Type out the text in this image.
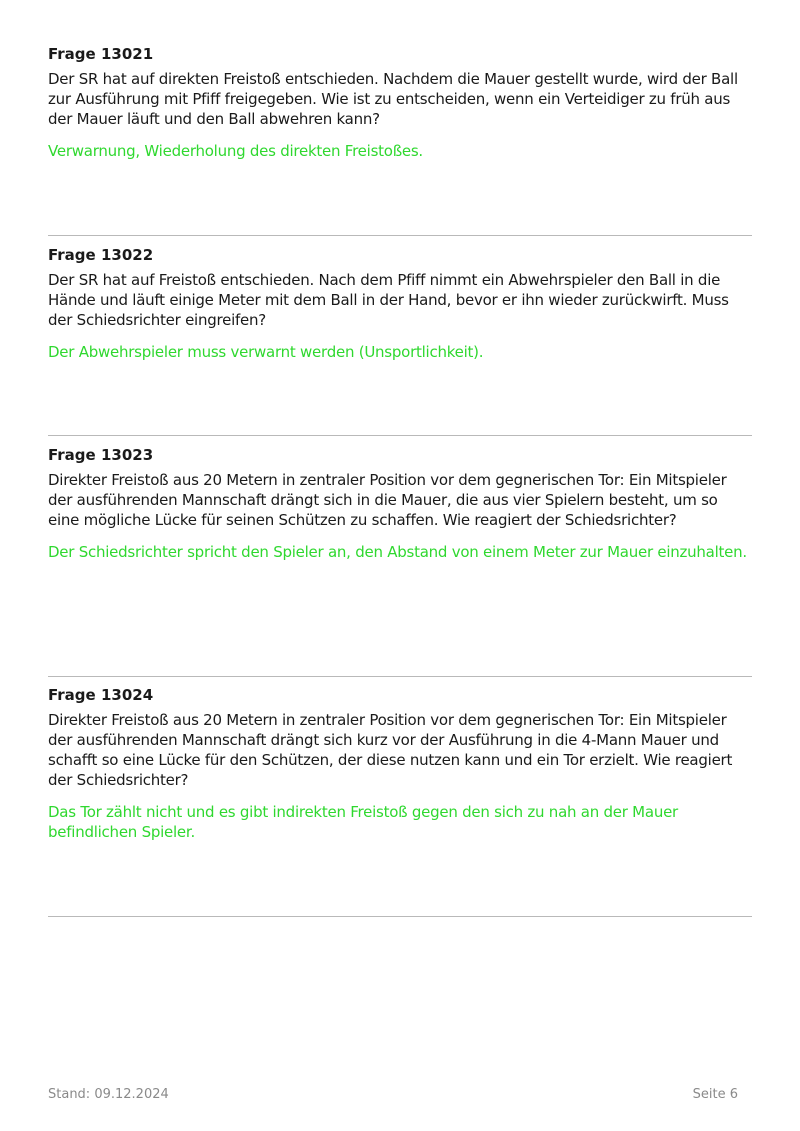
Frage 13021
Der SR hat auf direkten Freistoß entschieden. Nachdem die Mauer gestellt wurde, wird der Ball zur Ausführung mit Pfiff freigegeben. Wie ist zu entscheiden, wenn ein Verteidiger zu früh aus der Mauer läuft und den Ball abwehren kann?
Verwarnung, Wiederholung des direkten Freistoßes.
Frage 13022
Der SR hat auf Freistoß entschieden. Nach dem Pfiff nimmt ein Abwehrspieler den Ball in die Hände und läuft einige Meter mit dem Ball in der Hand, bevor er ihn wieder zurückwirft. Muss der Schiedsrichter eingreifen?
Der Abwehrspieler muss verwarnt werden (Unsportlichkeit).
Frage 13023
Direkter Freistoß aus 20 Metern in zentraler Position vor dem gegnerischen Tor: Ein Mitspieler der ausführenden Mannschaft drängt sich in die Mauer, die aus vier Spielern besteht, um so eine mögliche Lücke für seinen Schützen zu schaffen. Wie reagiert der Schiedsrichter?
Der Schiedsrichter spricht den Spieler an, den Abstand von einem Meter zur Mauer einzuhalten.
Frage 13024
Direkter Freistoß aus 20 Metern in zentraler Position vor dem gegnerischen Tor: Ein Mitspieler der ausführenden Mannschaft drängt sich kurz vor der Ausführung in die 4-Mann Mauer und schafft so eine Lücke für den Schützen, der diese nutzen kann und ein Tor erzielt. Wie reagiert der Schiedsrichter?
Das Tor zählt nicht und es gibt indirekten Freistoß gegen den sich zu nah an der Mauer befindlichen Spieler.
Stand: 09.12.2024	Seite 6
